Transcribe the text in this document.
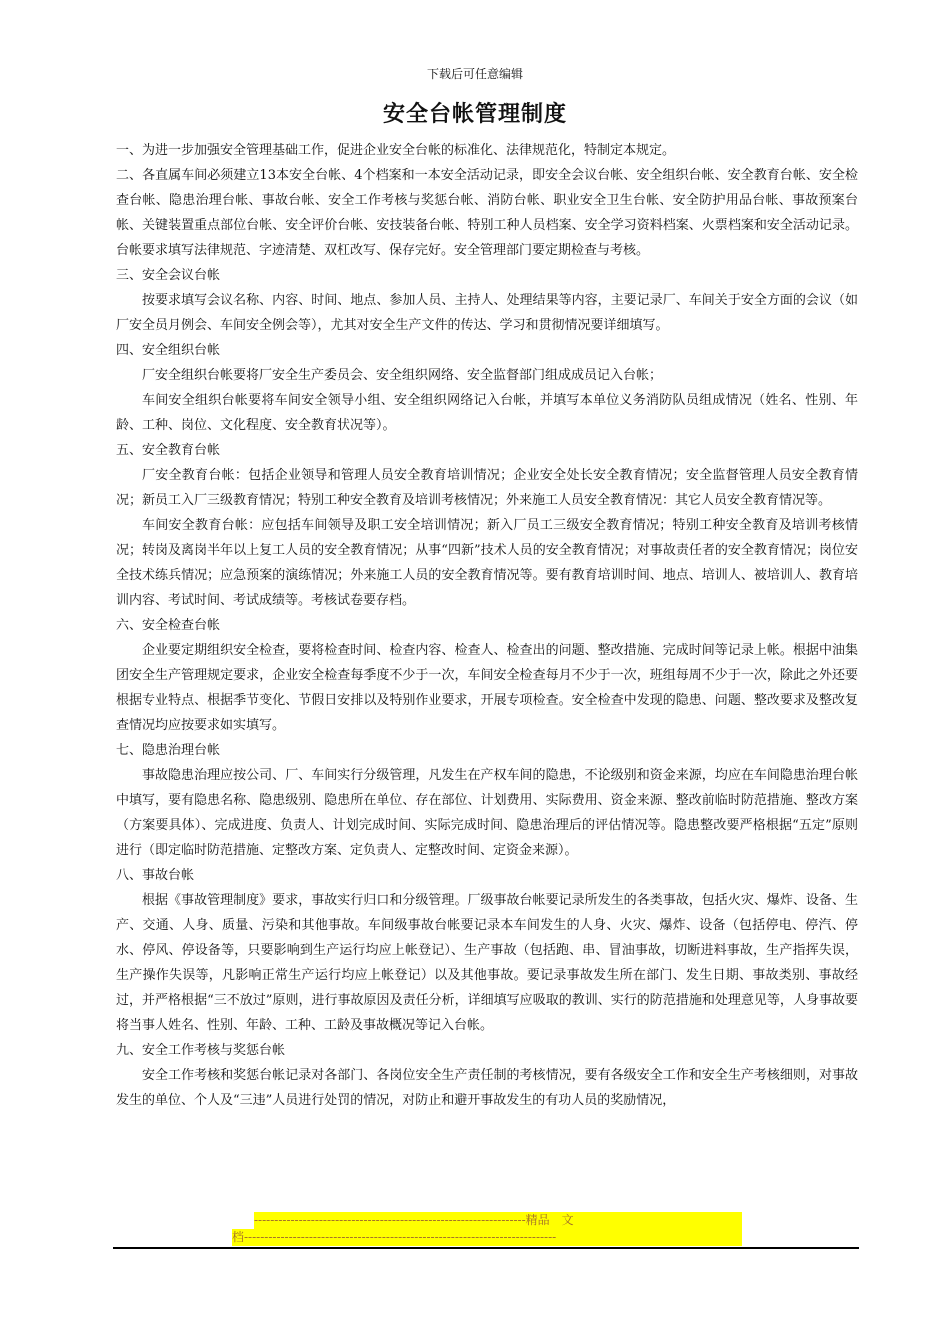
下载后可任意编辑
安全台帐管理制度

一、为进一步加强安全管理基础工作，促进企业安全台帐的标准化、法律规范化，特制定本规定。

二、各直属车间必须建立13本安全台帐、4个档案和一本安全活动记录，即安全会议台帐、安全组织台帐、安全教育台帐、安全检查台帐、隐患治理台帐、事故台帐、安全工作考核与奖惩台帐、消防台帐、职业安全卫生台帐、安全防护用品台帐、事故预案台帐、关键装置重点部位台帐、安全评价台帐、安技装备台帐、特别工种人员档案、安全学习资料档案、火票档案和安全活动记录。台帐要求填写法律规范、字迹清楚、双杠改写、保存完好。安全管理部门要定期检查与考核。

三、安全会议台帐

按要求填写会议名称、内容、时间、地点、参加人员、主持人、处理结果等内容，主要记录厂、车间关于安全方面的会议（如厂安全员月例会、车间安全例会等），尤其对安全生产文件的传达、学习和贯彻情况要详细填写。

四、安全组织台帐

厂安全组织台帐要将厂安全生产委员会、安全组织网络、安全监督部门组成成员记入台帐；

车间安全组织台帐要将车间安全领导小组、安全组织网络记入台帐，并填写本单位义务消防队员组成情况（姓名、性别、年龄、工种、岗位、文化程度、安全教育状况等）。

五、安全教育台帐

厂安全教育台帐：包括企业领导和管理人员安全教育培训情况；企业安全处长安全教育情况；安全监督管理人员安全教育情况；新员工入厂三级教育情况；特别工种安全教育及培训考核情况；外来施工人员安全教育情况：其它人员安全教育情况等。

车间安全教育台帐：应包括车间领导及职工安全培训情况；新入厂员工三级安全教育情况；特别工种安全教育及培训考核情况；转岗及离岗半年以上复工人员的安全教育情况；从事“四新”技术人员的安全教育情况；对事故责任者的安全教育情况；岗位安全技术练兵情况；应急预案的演练情况；外来施工人员的安全教育情况等。要有教育培训时间、地点、培训人、被培训人、教育培训内容、考试时间、考试成绩等。考核试卷要存档。

六、安全检查台帐

企业要定期组织安全检查，要将检查时间、检查内容、检查人、检查出的问题、整改措施、完成时间等记录上帐。根据中油集团安全生产管理规定要求，企业安全检查每季度不少于一次，车间安全检查每月不少于一次，班组每周不少于一次，除此之外还要根据专业特点、根据季节变化、节假日安排以及特别作业要求，开展专项检查。安全检查中发现的隐患、问题、整改要求及整改复查情况均应按要求如实填写。

七、隐患治理台帐

事故隐患治理应按公司、厂、车间实行分级管理，凡发生在产权车间的隐患，不论级别和资金来源，均应在车间隐患治理台帐中填写，要有隐患名称、隐患级别、隐患所在单位、存在部位、计划费用、实际费用、资金来源、整改前临时防范措施、整改方案（方案要具体）、完成进度、负责人、计划完成时间、实际完成时间、隐患治理后的评估情况等。隐患整改要严格根据“五定”原则进行（即定临时防范措施、定整改方案、定负责人、定整改时间、定资金来源）。

八、事故台帐

根据《事故管理制度》要求，事故实行归口和分级管理。厂级事故台帐要记录所发生的各类事故，包括火灾、爆炸、设备、生产、交通、人身、质量、污染和其他事故。车间级事故台帐要记录本车间发生的人身、火灾、爆炸、设备（包括停电、停汽、停水、停风、停设备等，只要影响到生产运行均应上帐登记）、生产事故（包括跑、串、冒油事故，切断进料事故，生产指挥失误，生产操作失误等，凡影响正常生产运行均应上帐登记）以及其他事故。要记录事故发生所在部门、发生日期、事故类别、事故经过，并严格根据“三不放过”原则，进行事故原因及责任分析，详细填写应吸取的教训、实行的防范措施和处理意见等，人身事故要将当事人姓名、性别、年龄、工种、工龄及事故概况等记入台帐。

九、安全工作考核与奖惩台帐

安全工作考核和奖惩台帐记录对各部门、各岗位安全生产责任制的考核情况，要有各级安全工作和安全生产考核细则，对事故发生的单位、个人及“三违”人员进行处罚的情况，对防止和避开事故发生的有功人员的奖励情况，

-------------------------------------------------------------------精品　文
档-----------------------------------------------------------------------------
